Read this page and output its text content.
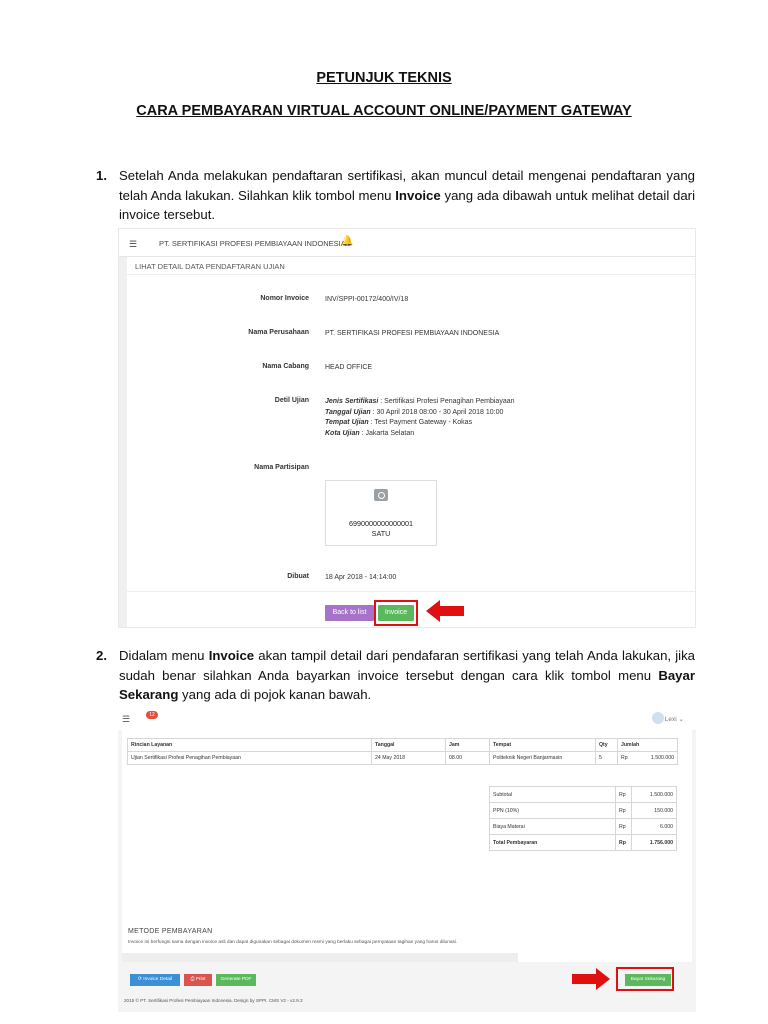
PETUNJUK TEKNIS
CARA PEMBAYARAN VIRTUAL ACCOUNT ONLINE/PAYMENT GATEWAY
1. Setelah Anda melakukan pendaftaran sertifikasi, akan muncul detail mengenai pendaftaran yang telah Anda lakukan. Silahkan klik tombol menu Invoice yang ada dibawah untuk melihat detail dari invoice tersebut.
☰	PT. SERTIFIKASI PROFESI PEMBIAYAAN INDONESIA
🔔
LIHAT DETAIL DATA PENDAFTARAN UJIAN
Nomor Invoice INV/SPPI-00172/400/IV/18
Nama Perusahaan PT. SERTIFIKASI PROFESI PEMBIAYAAN INDONESIA
Nama Cabang HEAD OFFICE
Detil Ujian Jenis Sertifikasi : Sertifikasi Profesi Penagihan Pembiayaan
Tanggal Ujian : 30 April 2018 08:00 - 30 April 2018 10:00
Tempat Ujian : Test Payment Gateway - Kokas
Kota Ujian : Jakarta Selatan
Nama Partisipan
6990000000000001
SATU
Dibuat 18 Apr 2018 - 14:14:00
Back to list	Invoice
2. Didalam menu Invoice akan tampil detail dari pendafaran sertifikasi yang telah Anda lakukan, jika sudah benar silahkan Anda bayarkan invoice tersebut dengan cara klik tombol menu Bayar Sekarang yang ada di pojok kanan bawah.
☰	12
Lexi ⌄
Rincian Layanan	Tanggal	Jam	Tempat	Qty	Jumlah
Ujian Sertifikasi Profesi Penagihan Pembiayaan	24 May 2018	08.00	Politeknik Negeri Banjarmasin	5	Rp 1.500.000
Subtotal	Rp	1.500.000
PPN (10%)	Rp	150.000
Biaya Materai	Rp	6.000
Total Pembayaran	Rp	1.756.000
METODE PEMBAYARAN
Invoice ini berfungsi sama dengan invoice asli dan dapat digunakan sebagai dokumen resmi yang berlaku sebagai pernyataan tagihan yang harus dilunasi.
⟳ Invoice Detail	⎙ Print	Generate PDF	Bayar Sekarang
2015 © PT. Sertifikasi Profesi Pembiayaan Indonesia. Design by SPPI. CMS V2 - v2.9.3
